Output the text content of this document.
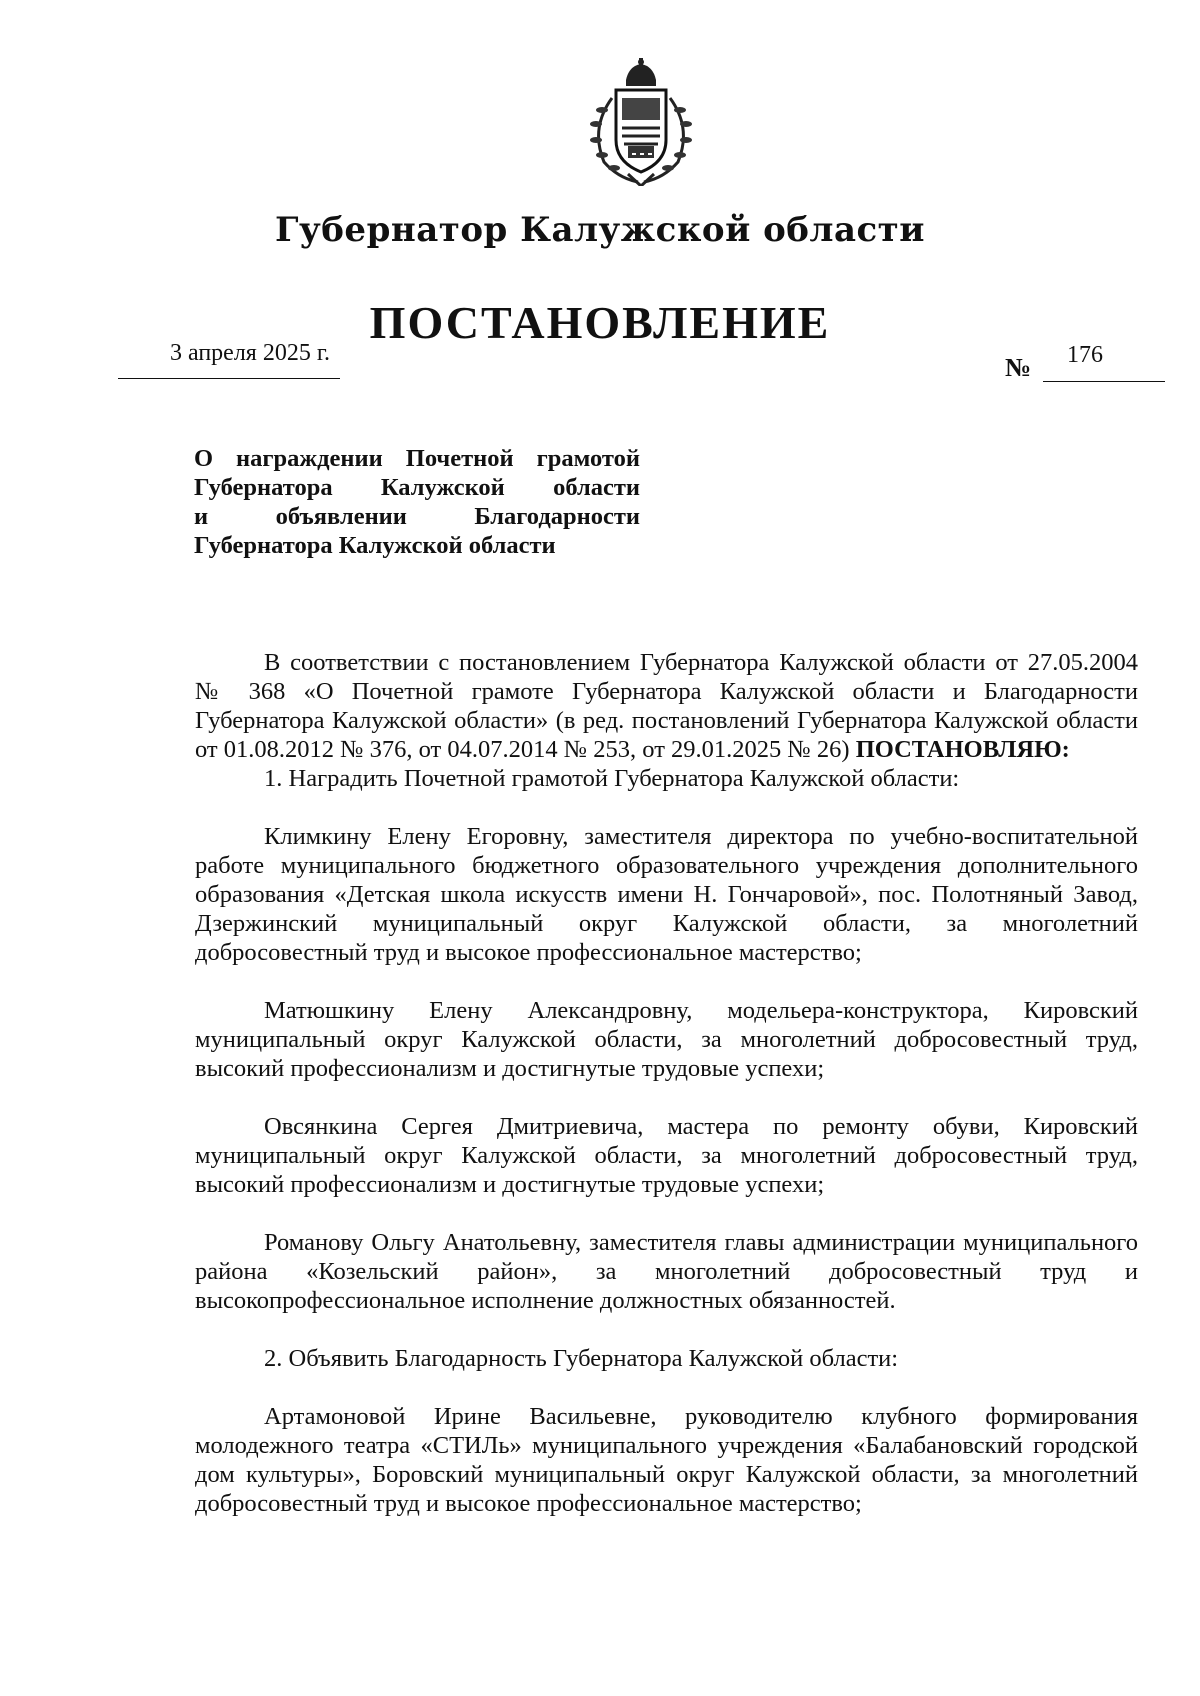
Губернатор Калужской области
ПОСТАНОВЛЕНИЕ
3 апреля 2025 г.	№ 176
О награждении Почетной грамотой
Губернатора Калужской области
и объявлении Благодарности
Губернатора Калужской области

В соответствии с постановлением Губернатора Калужской области от 27.05.2004 № 368 «О Почетной грамоте Губернатора Калужской области и Благодарности Губернатора Калужской области» (в ред. постановлений Губернатора Калужской области от 01.08.2012 № 376, от 04.07.2014 № 253, от 29.01.2025 № 26) ПОСТАНОВЛЯЮ:

1. Наградить Почетной грамотой Губернатора Калужской области:

Климкину Елену Егоровну, заместителя директора по учебно-воспитательной работе муниципального бюджетного образовательного учреждения дополнительного образования «Детская школа искусств имени Н. Гончаровой», пос. Полотняный Завод, Дзержинский муниципальный округ Калужской области, за многолетний добросовестный труд и высокое профессиональное мастерство;

Матюшкину Елену Александровну, модельера-конструктора, Кировский муниципальный округ Калужской области, за многолетний добросовестный труд, высокий профессионализм и достигнутые трудовые успехи;

Овсянкина Сергея Дмитриевича, мастера по ремонту обуви, Кировский муниципальный округ Калужской области, за многолетний добросовестный труд, высокий профессионализм и достигнутые трудовые успехи;

Романову Ольгу Анатольевну, заместителя главы администрации муниципального района «Козельский район», за многолетний добросовестный труд и высокопрофессиональное исполнение должностных обязанностей.

2. Объявить Благодарность Губернатора Калужской области:

Артамоновой Ирине Васильевне, руководителю клубного формирования молодежного театра «СТИЛь» муниципального учреждения «Балабановский городской дом культуры», Боровский муниципальный округ Калужской области, за многолетний добросовестный труд и высокое профессиональное мастерство;
